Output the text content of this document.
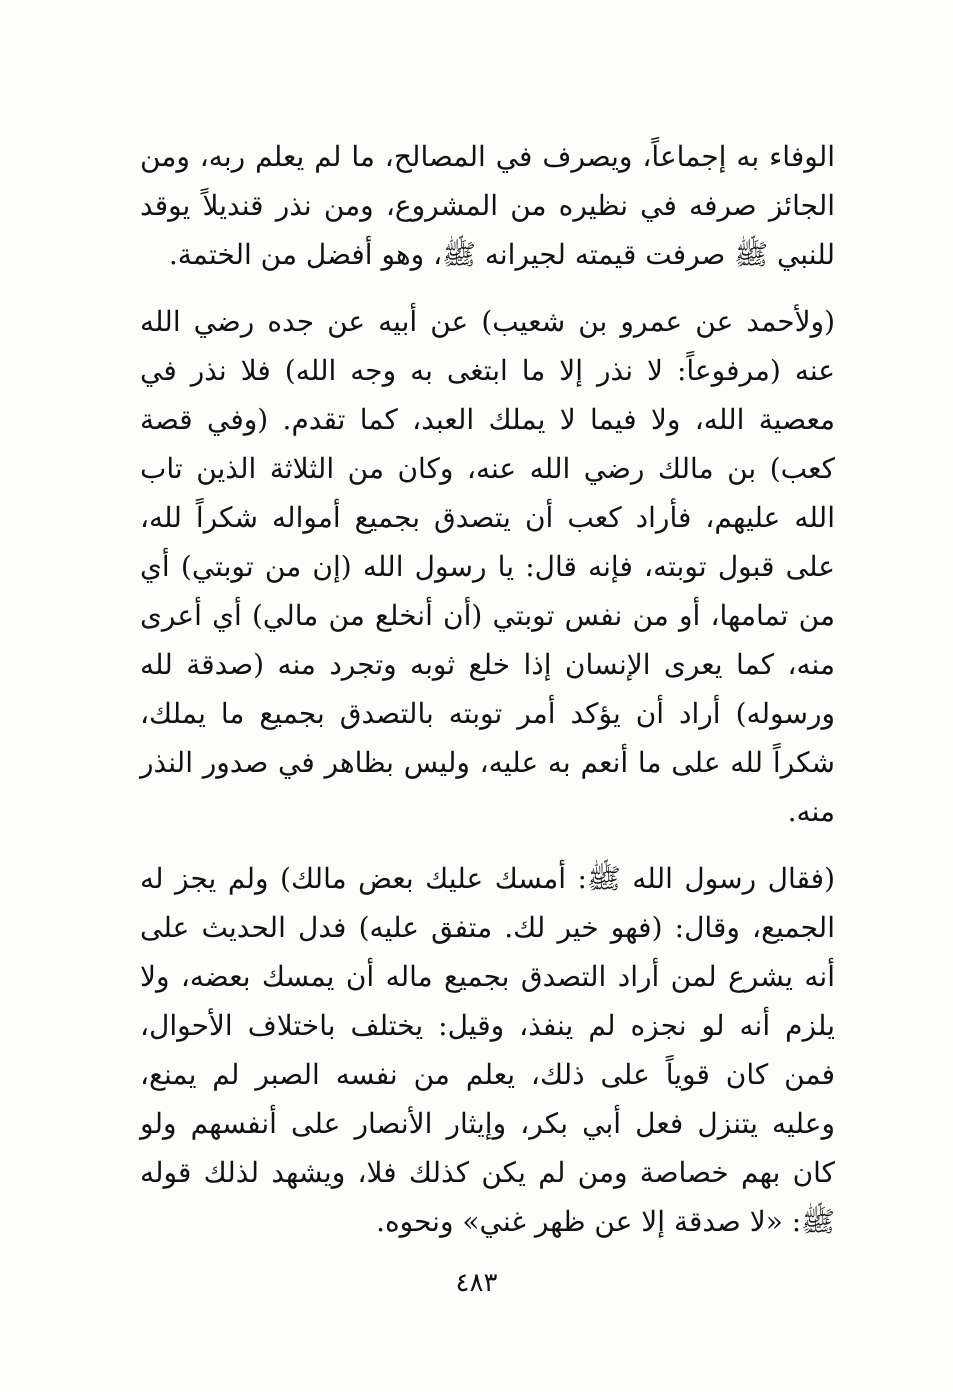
الوفاء به إجماعاً، ويصرف في المصالح، ما لم يعلم ربه، ومن الجائز صرفه في نظيره من المشروع، ومن نذر قنديلاً يوقد للنبي ﷺ صرفت قيمته لجيرانه ﷺ، وهو أفضل من الختمة.

(ولأحمد عن عمرو بن شعيب) عن أبيه عن جده رضي الله عنه (مرفوعاً: لا نذر إلا ما ابتغى به وجه الله) فلا نذر في معصية الله، ولا فيما لا يملك العبد، كما تقدم. (وفي قصة كعب) بن مالك رضي الله عنه، وكان من الثلاثة الذين تاب الله عليهم، فأراد كعب أن يتصدق بجميع أمواله شكراً لله، على قبول توبته، فإنه قال: يا رسول الله (إن من توبتي) أي من تمامها، أو من نفس توبتي (أن أنخلع من مالي) أي أعرى منه، كما يعرى الإنسان إذا خلع ثوبه وتجرد منه (صدقة لله ورسوله) أراد أن يؤكد أمر توبته بالتصدق بجميع ما يملك، شكراً لله على ما أنعم به عليه، وليس بظاهر في صدور النذر منه.

(فقال رسول الله ﷺ: أمسك عليك بعض مالك) ولم يجز له الجميع، وقال: (فهو خير لك. متفق عليه) فدل الحديث على أنه يشرع لمن أراد التصدق بجميع ماله أن يمسك بعضه، ولا يلزم أنه لو نجزه لم ينفذ، وقيل: يختلف باختلاف الأحوال، فمن كان قوياً على ذلك، يعلم من نفسه الصبر لم يمنع، وعليه يتنزل فعل أبي بكر، وإيثار الأنصار على أنفسهم ولو كان بهم خصاصة ومن لم يكن كذلك فلا، ويشهد لذلك قوله ﷺ: «لا صدقة إلا عن ظهر غني» ونحوه.

٤٨٣
